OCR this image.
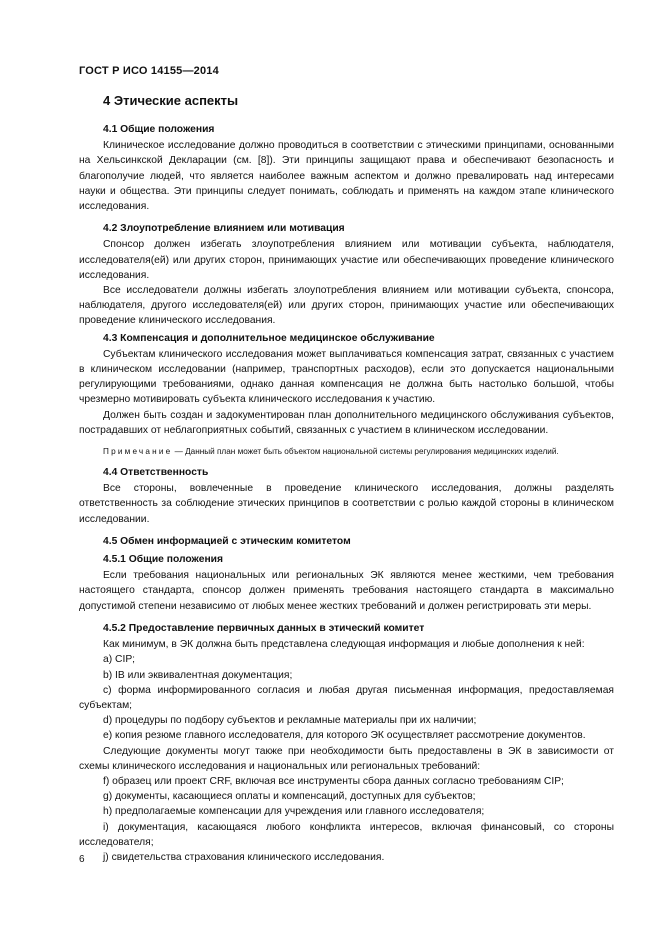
ГОСТ Р ИСО 14155—2014
4 Этические аспекты
4.1 Общие положения

Клиническое исследование должно проводиться в соответствии с этическими принципами, основанными на Хельсинкской Декларации (см. [8]). Эти принципы защищают права и обеспечивают безопасность и благополучие людей, что является наиболее важным аспектом и должно превалировать над интересами науки и общества. Эти принципы следует понимать, соблюдать и применять на каждом этапе клинического исследования.

4.2 Злоупотребление влиянием или мотивация

Спонсор должен избегать злоупотребления влиянием или мотивации субъекта, наблюдателя, исследователя(ей) или других сторон, принимающих участие или обеспечивающих проведение клинического исследования.

Все исследователи должны избегать злоупотребления влиянием или мотивации субъекта, спонсора, наблюдателя, другого исследователя(ей) или других сторон, принимающих участие или обеспечивающих проведение клинического исследования.

4.3 Компенсация и дополнительное медицинское обслуживание

Субъектам клинического исследования может выплачиваться компенсация затрат, связанных с участием в клиническом исследовании (например, транспортных расходов), если это допускается национальными регулирующими требованиями, однако данная компенсация не должна быть настолько большой, чтобы чрезмерно мотивировать субъекта клинического исследования к участию.

Должен быть создан и задокументирован план дополнительного медицинского обслуживания субъектов, пострадавших от неблагоприятных событий, связанных с участием в клиническом исследовании.

Примечание — Данный план может быть объектом национальной системы регулирования медицинских изделий.
4.4 Ответственность

Все стороны, вовлеченные в проведение клинического исследования, должны разделять ответственность за соблюдение этических принципов в соответствии с ролью каждой стороны в клиническом исследовании.

4.5 Обмен информацией с этическим комитетом
4.5.1 Общие положения

Если требования национальных или региональных ЭК являются менее жесткими, чем требования настоящего стандарта, спонсор должен применять требования настоящего стандарта в максимально допустимой степени независимо от любых менее жестких требований и должен регистрировать эти меры.

4.5.2 Предоставление первичных данных в этический комитет

Как минимум, в ЭК должна быть представлена следующая информация и любые дополнения к ней:

a) CIP;
b) IB или эквивалентная документация;
c) форма информированного согласия и любая другая письменная информация, предоставляемая субъектам;
d) процедуры по подбору субъектов и рекламные материалы при их наличии;
e) копия резюме главного исследователя, для которого ЭК осуществляет рассмотрение документов.

Следующие документы могут также при необходимости быть предоставлены в ЭК в зависимости от схемы клинического исследования и национальных или региональных требований:

f) образец или проект CRF, включая все инструменты сбора данных согласно требованиям CIP;
g) документы, касающиеся оплаты и компенсаций, доступных для субъектов;
h) предполагаемые компенсации для учреждения или главного исследователя;
i) документация, касающаяся любого конфликта интересов, включая финансовый, со стороны исследователя;
j) свидетельства страхования клинического исследования.
6
